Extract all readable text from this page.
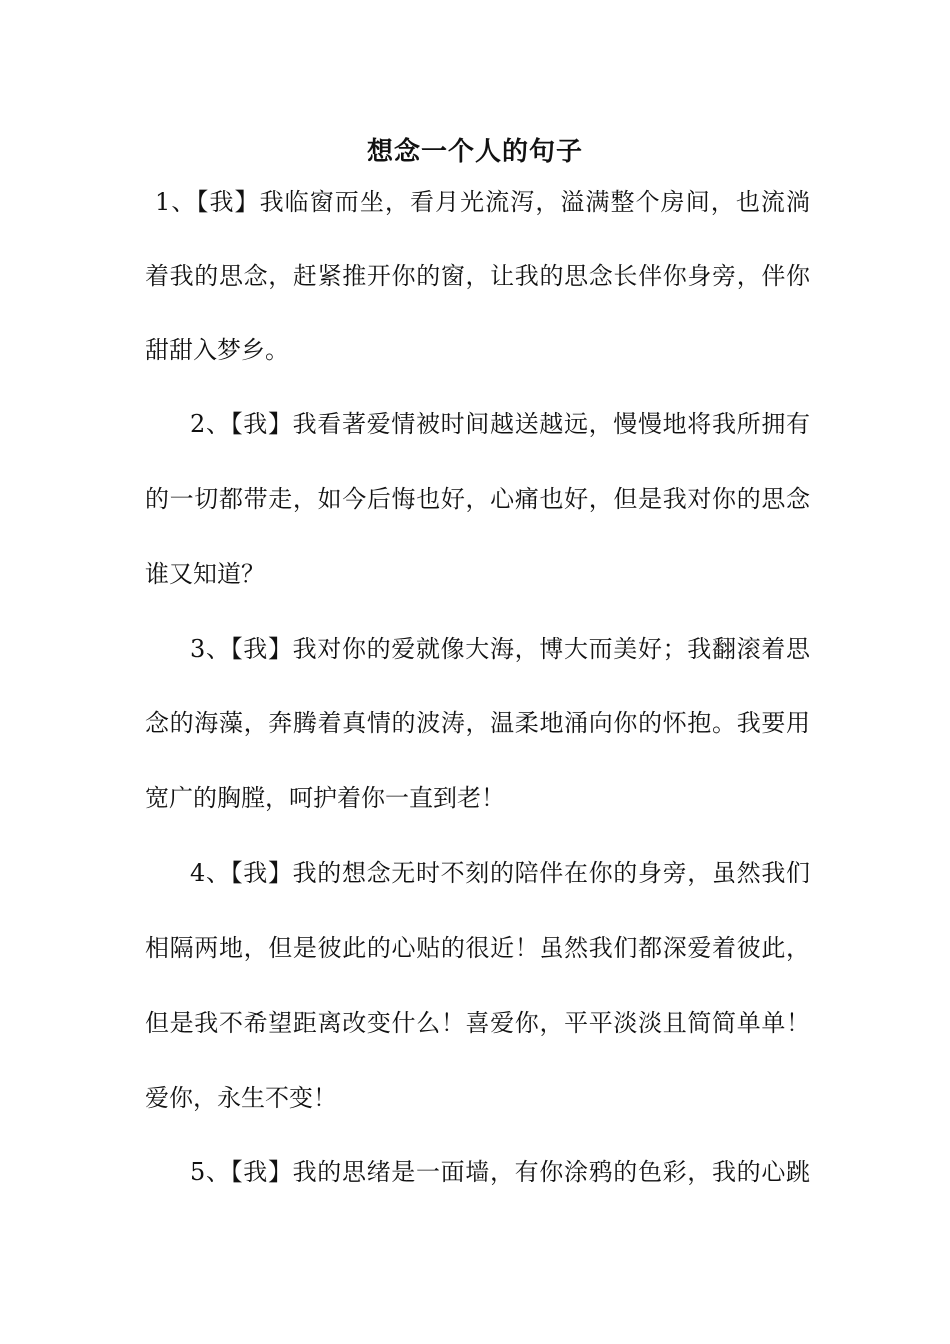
想念一个人的句子
1、【我】我临窗而坐，看月光流泻，溢满整个房间，也流淌
着我的思念，赶紧推开你的窗，让我的思念长伴你身旁，伴你
甜甜入梦乡。
2、【我】我看著爱情被时间越送越远，慢慢地将我所拥有
的一切都带走，如今后悔也好，心痛也好，但是我对你的思念
谁又知道？
3、【我】我对你的爱就像大海，博大而美好；我翻滚着思
念的海藻，奔腾着真情的波涛，温柔地涌向你的怀抱。我要用
宽广的胸膛，呵护着你一直到老！
4、【我】我的想念无时不刻的陪伴在你的身旁，虽然我们
相隔两地，但是彼此的心贴的很近！虽然我们都深爱着彼此，
但是我不希望距离改变什么！喜爱你，平平淡淡且简简单单！
爱你，永生不变！
5、【我】我的思绪是一面墙，有你涂鸦的色彩，我的心跳
